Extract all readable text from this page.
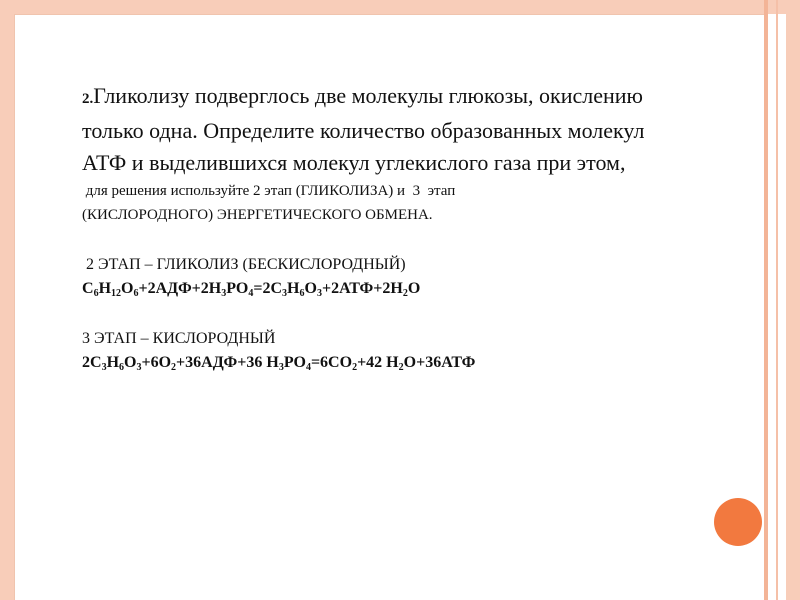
2.Гликолизу подверглось две молекулы глюкозы, окислению

только одна. Определите количество образованных молекул

АТФ и выделившихся молекул углекислого газа при этом,

для решения используйте 2 этап (ГЛИКОЛИЗА) и  3  этап

(КИСЛОРОДНОГО) ЭНЕРГЕТИЧЕСКОГО ОБМЕНА.

2 ЭТАП – ГЛИКОЛИЗ (БЕСКИСЛОРОДНЫЙ)

$C_6H_{12}O_6+2АДФ+2Н_3РО_4=2С_3Н_6О_3+2АТФ+2Н_2О$

3 ЭТАП – КИСЛОРОДНЫЙ

$2С_3Н_6О_3+6О_2+36АДФ+36$ $Н_3РО_4=6СО_2+42$ $Н_2О+36АТФ$
